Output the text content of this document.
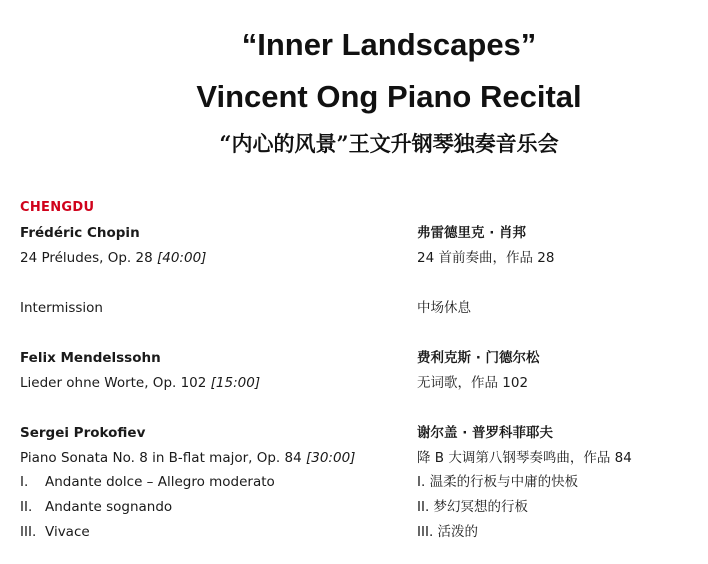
“Inner Landscapes”
Vincent Ong Piano Recital
“内心的风景”王文升钢琴独奏音乐会
CHENGDU
Frédéric Chopin	弗雷德里克 · 肖邦
24 Préludes, Op. 28 [40:00]	24 首前奏曲，作品 28
Intermission	中场休息
Felix Mendelssohn	费利克斯 · 门德尔松
Lieder ohne Worte, Op. 102 [15:00]	无词歌，作品 102
Sergei Prokofiev	谢尔盖 · 普罗科菲耶夫
Piano Sonata No. 8 in B-flat major, Op. 84 [30:00]	降 B 大调第八钢琴奏鸣曲，作品 84
I. Andante dolce – Allegro moderato	I. 温柔的行板与中庸的快板
II. Andante sognando	II. 梦幻冥想的行板
III. Vivace	III. 活泼的
